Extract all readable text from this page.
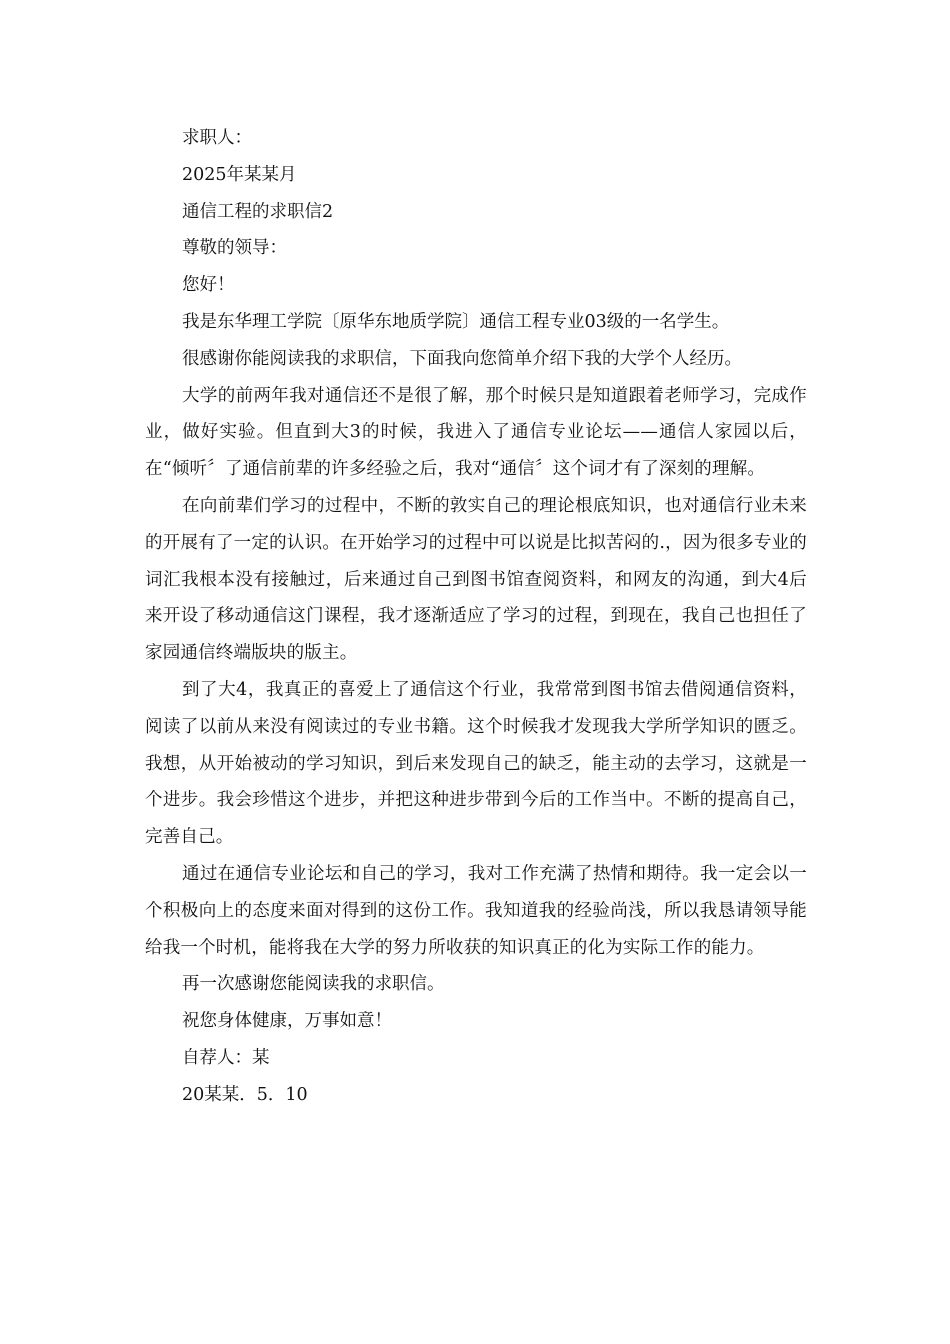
求职人：

2025年某某月

通信工程的求职信2

尊敬的领导：

您好！

我是东华理工学院〔原华东地质学院〕通信工程专业03级的一名学生。

很感谢你能阅读我的求职信，下面我向您简单介绍下我的大学个人经历。

大学的前两年我对通信还不是很了解，那个时候只是知道跟着老师学习，完成作业，做好实验。但直到大3的时候，我进入了通信专业论坛——通信人家园以后，在“倾听〞了通信前辈的许多经验之后，我对“通信〞这个词才有了深刻的理解。

在向前辈们学习的过程中，不断的敦实自己的理论根底知识，也对通信行业未来的开展有了一定的认识。在开始学习的过程中可以说是比拟苦闷的.，因为很多专业的词汇我根本没有接触过，后来通过自己到图书馆查阅资料，和网友的沟通，到大4后来开设了移动通信这门课程，我才逐渐适应了学习的过程，到现在，我自己也担任了家园通信终端版块的版主。

到了大4，我真正的喜爱上了通信这个行业，我常常到图书馆去借阅通信资料，阅读了以前从来没有阅读过的专业书籍。这个时候我才发现我大学所学知识的匮乏。我想，从开始被动的学习知识，到后来发现自己的缺乏，能主动的去学习，这就是一个进步。我会珍惜这个进步，并把这种进步带到今后的工作当中。不断的提高自己，完善自己。

通过在通信专业论坛和自己的学习，我对工作充满了热情和期待。我一定会以一个积极向上的态度来面对得到的这份工作。我知道我的经验尚浅，所以我恳请领导能给我一个时机，能将我在大学的努力所收获的知识真正的化为实际工作的能力。

再一次感谢您能阅读我的求职信。

祝您身体健康，万事如意！

自荐人：某

20某某．5．10
